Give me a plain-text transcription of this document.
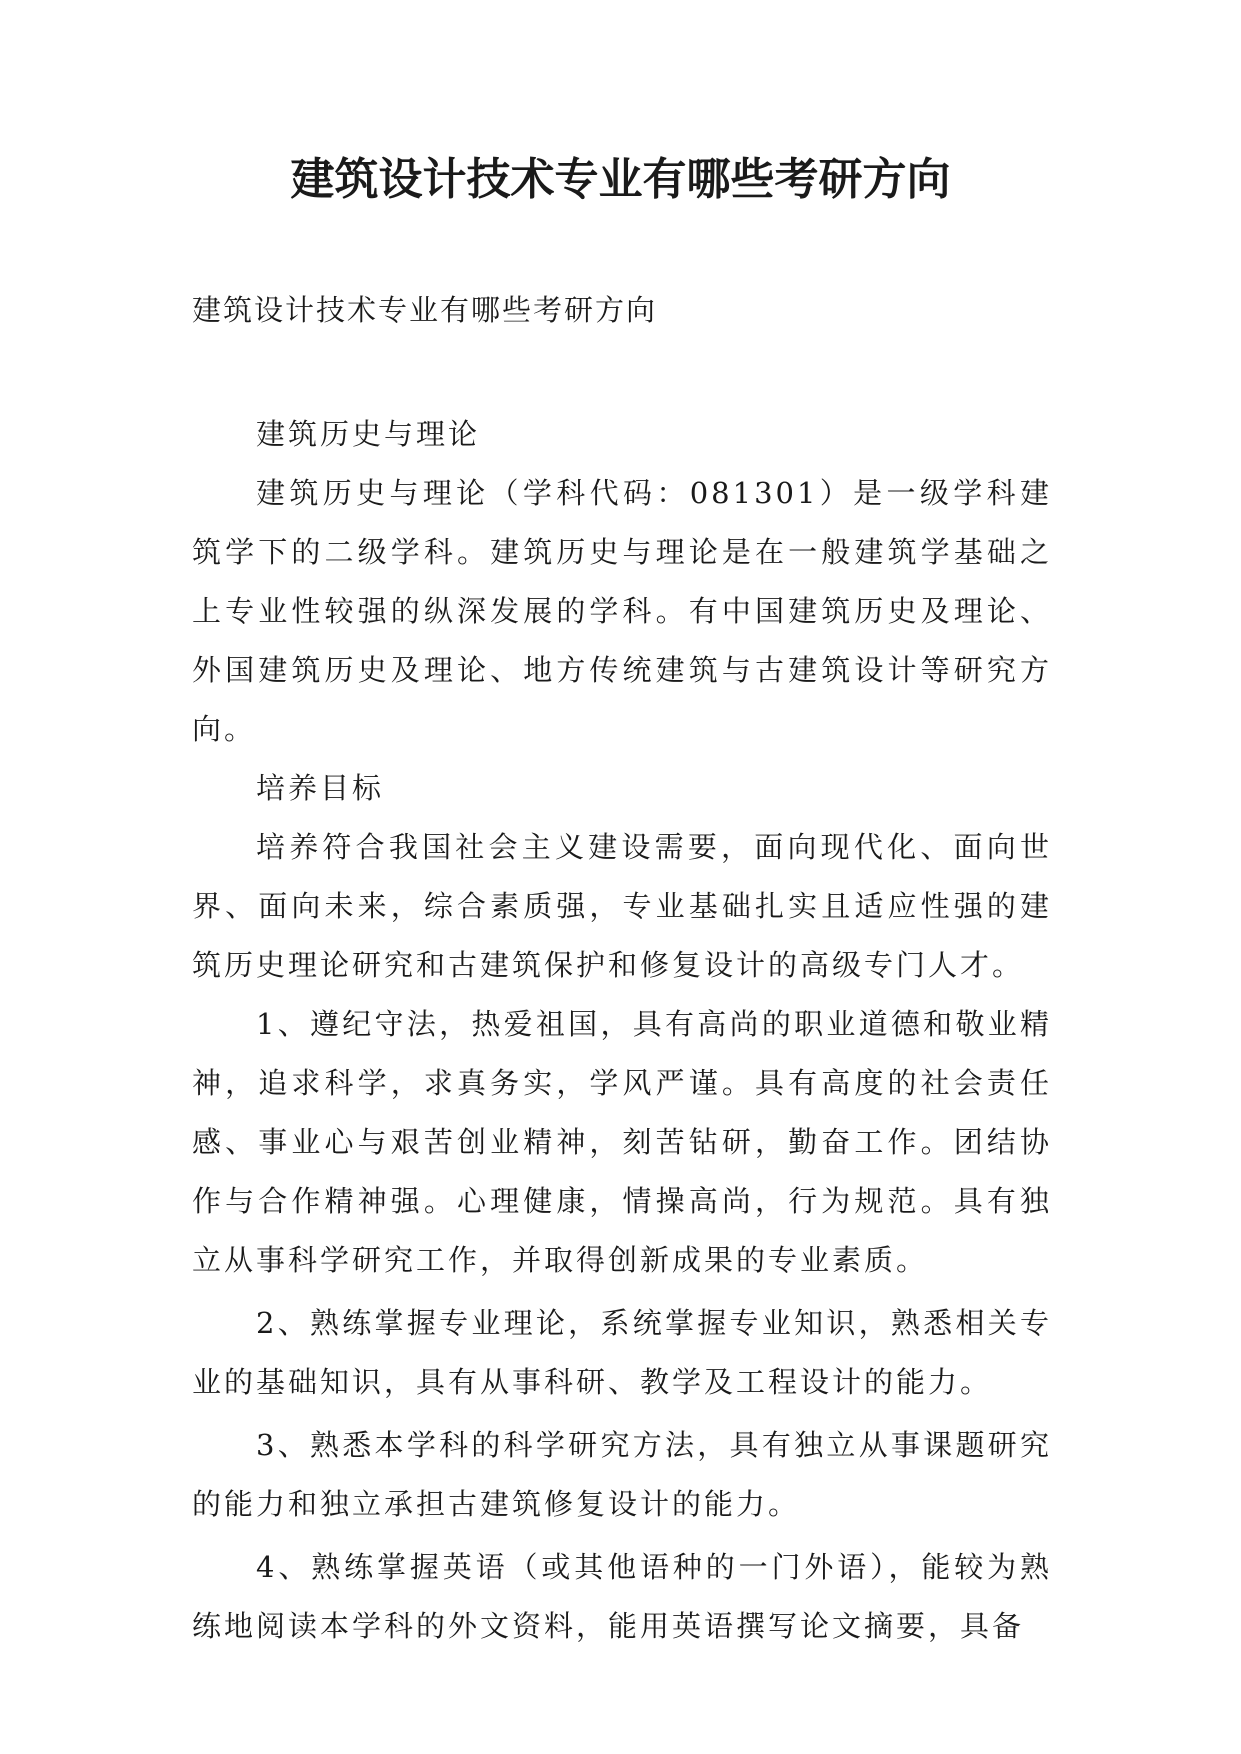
建筑设计技术专业有哪些考研方向

建筑设计技术专业有哪些考研方向

建筑历史与理论

建筑历史与理论（学科代码：081301）是一级学科建筑学下的二级学科。建筑历史与理论是在一般建筑学基础之上专业性较强的纵深发展的学科。有中国建筑历史及理论、外国建筑历史及理论、地方传统建筑与古建筑设计等研究方向。

培养目标

培养符合我国社会主义建设需要，面向现代化、面向世界、面向未来，综合素质强，专业基础扎实且适应性强的建筑历史理论研究和古建筑保护和修复设计的高级专门人才。

1、遵纪守法，热爱祖国，具有高尚的职业道德和敬业精神，追求科学，求真务实，学风严谨。具有高度的社会责任感、事业心与艰苦创业精神，刻苦钻研，勤奋工作。团结协作与合作精神强。心理健康，情操高尚，行为规范。具有独立从事科学研究工作，并取得创新成果的专业素质。

2、熟练掌握专业理论，系统掌握专业知识，熟悉相关专业的基础知识，具有从事科研、教学及工程设计的能力。

3、熟悉本学科的科学研究方法，具有独立从事课题研究的能力和独立承担古建筑修复设计的能力。

4、熟练掌握英语（或其他语种的一门外语），能较为熟练地阅读本学科的外文资料，能用英语撰写论文摘要，具备
